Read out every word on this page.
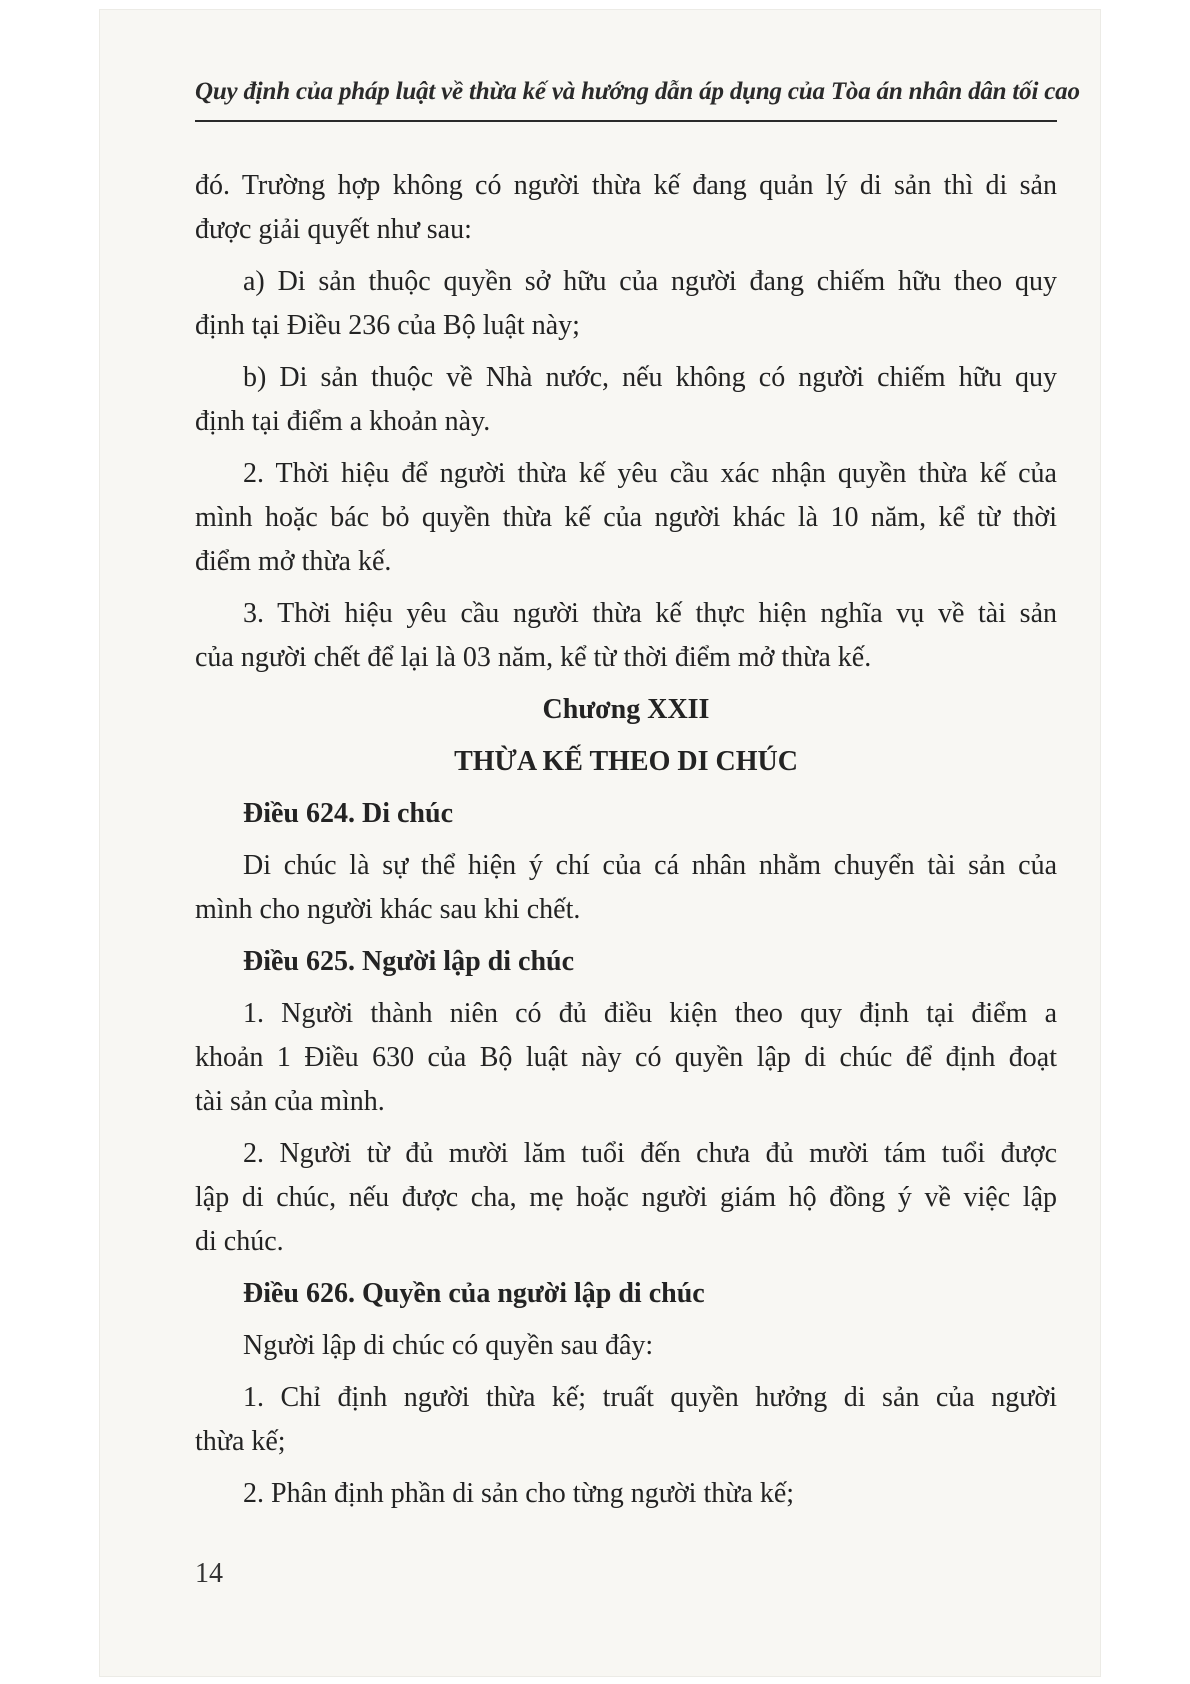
Quy định của pháp luật về thừa kế và hướng dẫn áp dụng của Tòa án nhân dân tối cao

đó. Trường hợp không có người thừa kế đang quản lý di sản thì di sản
được giải quyết như sau:

a) Di sản thuộc quyền sở hữu của người đang chiếm hữu theo quy
định tại Điều 236 của Bộ luật này;

b) Di sản thuộc về Nhà nước, nếu không có người chiếm hữu quy
định tại điểm a khoản này.

2. Thời hiệu để người thừa kế yêu cầu xác nhận quyền thừa kế của
mình hoặc bác bỏ quyền thừa kế của người khác là 10 năm, kể từ thời
điểm mở thừa kế.

3. Thời hiệu yêu cầu người thừa kế thực hiện nghĩa vụ về tài sản
của người chết để lại là 03 năm, kể từ thời điểm mở thừa kế.

Chương XXII
THỪA KẾ THEO DI CHÚC
Điều 624. Di chúc

Di chúc là sự thể hiện ý chí của cá nhân nhằm chuyển tài sản của
mình cho người khác sau khi chết.

Điều 625. Người lập di chúc

1. Người thành niên có đủ điều kiện theo quy định tại điểm a
khoản 1 Điều 630 của Bộ luật này có quyền lập di chúc để định đoạt
tài sản của mình.

2. Người từ đủ mười lăm tuổi đến chưa đủ mười tám tuổi được
lập di chúc, nếu được cha, mẹ hoặc người giám hộ đồng ý về việc lập
di chúc.

Điều 626. Quyền của người lập di chúc

Người lập di chúc có quyền sau đây:

1. Chỉ định người thừa kế; truất quyền hưởng di sản của người
thừa kế;

2. Phân định phần di sản cho từng người thừa kế;

14
